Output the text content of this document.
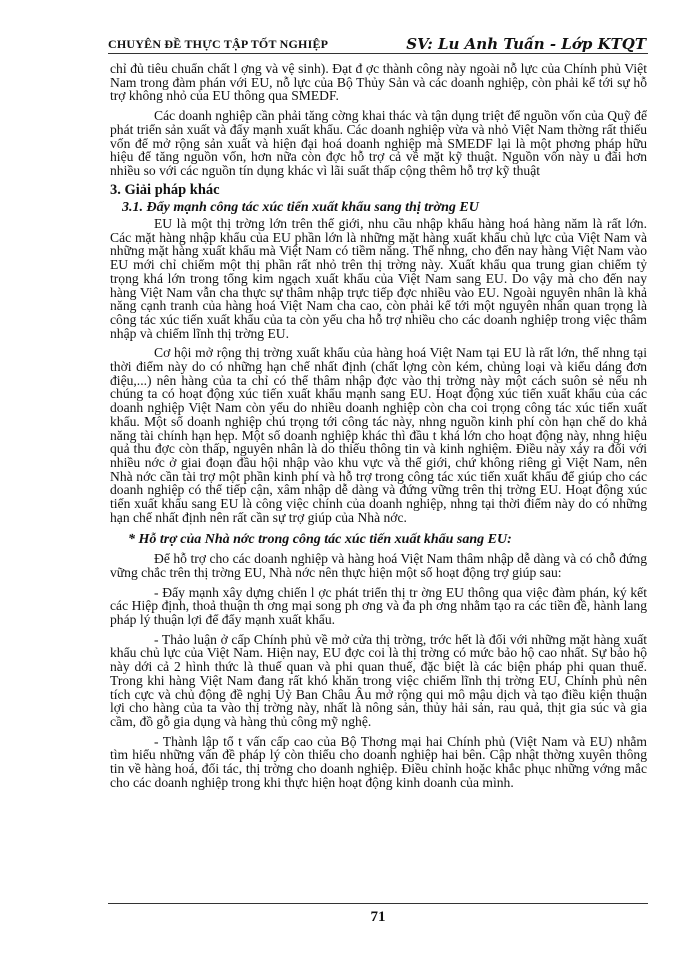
CHUYÊN ĐỀ THỰC TẬP TỐT NGHIỆP	SV: Lu Anh Tuấn - Lớp KTQT

chỉ đủ tiêu chuẩn chất l ợng và vệ sinh). Đạt đ ợc thành công này ngoài nỗ lực của Chính phủ Việt Nam trong đàm phán với EU, nỗ lực của Bộ Thủy Sản và các doanh nghiệp, còn phải kể tới sự hỗ trợ không nhỏ của EU thông qua SMEDF.

Các doanh nghiệp cần phải tăng cờng khai thác và tận dụng triệt để nguồn vốn của Quỹ để phát triển sản xuất và đẩy mạnh xuất khẩu. Các doanh nghiệp vừa và nhỏ Việt Nam thờng rất thiếu vốn để mở rộng sản xuất và hiện đại hoá doanh nghiệp mà SMEDF lại là một phơng pháp hữu hiệu để tăng nguồn vốn, hơn nữa còn đợc hỗ trợ cả về mặt kỹ thuật. Nguồn vốn này u đãi hơn nhiều so với các nguồn tín dụng khác vì lãi suất thấp cộng thêm hỗ trợ kỹ thuật

3. Giải pháp khác
3.1. Đẩy mạnh công tác xúc tiến xuất khẩu sang thị trờng EU

EU là một thị trờng lớn trên thế giới, nhu cầu nhập khẩu hàng hoá hàng năm là rất lớn. Các mặt hàng nhập khẩu của EU phần lớn là những mặt hàng xuất khẩu chủ lực của Việt Nam và những mặt hàng xuất khẩu mà Việt Nam có tiềm năng. Thế nhng, cho đến nay hàng Việt Nam vào EU mới chỉ chiếm một thị phần rất nhỏ trên thị trờng này. Xuất khẩu qua trung gian chiếm tỷ trọng khá lớn trong tổng kim ngạch xuất khẩu của Việt Nam sang EU. Do vậy mà cho đến nay hàng Việt Nam vẫn cha thực sự thâm nhập trực tiếp đợc nhiều vào EU. Ngoài nguyên nhân là khả năng cạnh tranh của hàng hoá Việt Nam cha cao, còn phải kể tới một nguyên nhân quan trọng là công tác xúc tiến xuất khẩu của ta còn yếu cha hỗ trợ nhiều cho các doanh nghiệp trong việc thâm nhập và chiếm lĩnh thị trờng EU.

Cơ hội mở rộng thị trờng xuất khẩu của hàng hoá Việt Nam tại EU là rất lớn, thế nhng tại thời điểm này do có những hạn chế nhất định (chất lợng còn kém, chủng loại và kiểu dáng đơn điệu,...) nên hàng của ta chỉ có thể thâm nhập đợc vào thị trờng này một cách suôn sẻ nếu nh chúng ta có hoạt động xúc tiến xuất khẩu mạnh sang EU. Hoạt động xúc tiến xuất khẩu của các doanh nghiệp Việt Nam còn yếu do nhiều doanh nghiệp còn cha coi trọng công tác xúc tiến xuất khẩu. Một số doanh nghiệp chú trọng tới công tác này, nhng nguồn kinh phí còn hạn chế do khả năng tài chính hạn hẹp. Một số doanh nghiệp khác thì đầu t khá lớn cho hoạt động này, nhng hiệu quả thu đợc còn thấp, nguyên nhân là do thiếu thông tin và kinh nghiệm. Điều này xảy ra đối với nhiều nớc ở giai đoạn đầu hội nhập vào khu vực và thế giới, chứ không riêng gì Việt Nam, nên Nhà nớc cần tài trợ một phần kinh phí và hỗ trợ trong công tác xúc tiến xuất khẩu để giúp cho các doanh nghiệp có thể tiếp cận, xâm nhập dễ dàng và đứng vững trên thị trờng EU. Hoạt động xúc tiến xuất khẩu sang EU là công việc chính của doanh nghiệp, nhng tại thời điểm này do có những hạn chế nhất định nên rất cần sự trợ giúp của Nhà nớc.

* Hỗ trợ của Nhà nớc trong công tác xúc tiến xuất khẩu sang EU:

Để hỗ trợ cho các doanh nghiệp và hàng hoá Việt Nam thâm nhập dễ dàng và có chỗ đứng vững chắc trên thị trờng EU, Nhà nớc nên thực hiện một số hoạt động trợ giúp sau:

- Đẩy mạnh xây dựng chiến l ợc phát triển thị tr ờng EU thông qua việc đàm phán, ký kết các Hiệp định, thoả thuận th ơng mại song ph ơng và đa ph ơng nhằm tạo ra các tiền đề, hành lang pháp lý thuận lợi để đẩy mạnh xuất khẩu.

- Thảo luận ở cấp Chính phủ về mở cửa thị trờng, trớc hết là đối với những mặt hàng xuất khẩu chủ lực của Việt Nam. Hiện nay, EU đợc coi là thị trờng có mức bảo hộ cao nhất. Sự bảo hộ này dới cả 2 hình thức là thuế quan và phi quan thuế, đặc biệt là các biện pháp phi quan thuế. Trong khi hàng Việt Nam đang rất khó khăn trong việc chiếm lĩnh thị trờng EU, Chính phủ nên tích cực và chủ động đề nghị Uỷ Ban Châu Âu mở rộng qui mô mậu dịch và tạo điều kiện thuận lợi cho hàng của ta vào thị trờng này, nhất là nông sản, thủy hải sản, rau quả, thịt gia súc và gia cầm, đồ gỗ gia dụng và hàng thủ công mỹ nghệ.

- Thành lập tổ t vấn cấp cao của Bộ Thơng mại hai Chính phủ (Việt Nam và EU) nhằm tìm hiểu những vấn đề pháp lý còn thiếu cho doanh nghiệp hai bên. Cập nhật thờng xuyên thông tin về hàng hoá, đối tác, thị trờng cho doanh nghiệp. Điều chỉnh hoặc khắc phục những vớng mắc cho các doanh nghiệp trong khi thực hiện hoạt động kinh doanh của mình.

71
